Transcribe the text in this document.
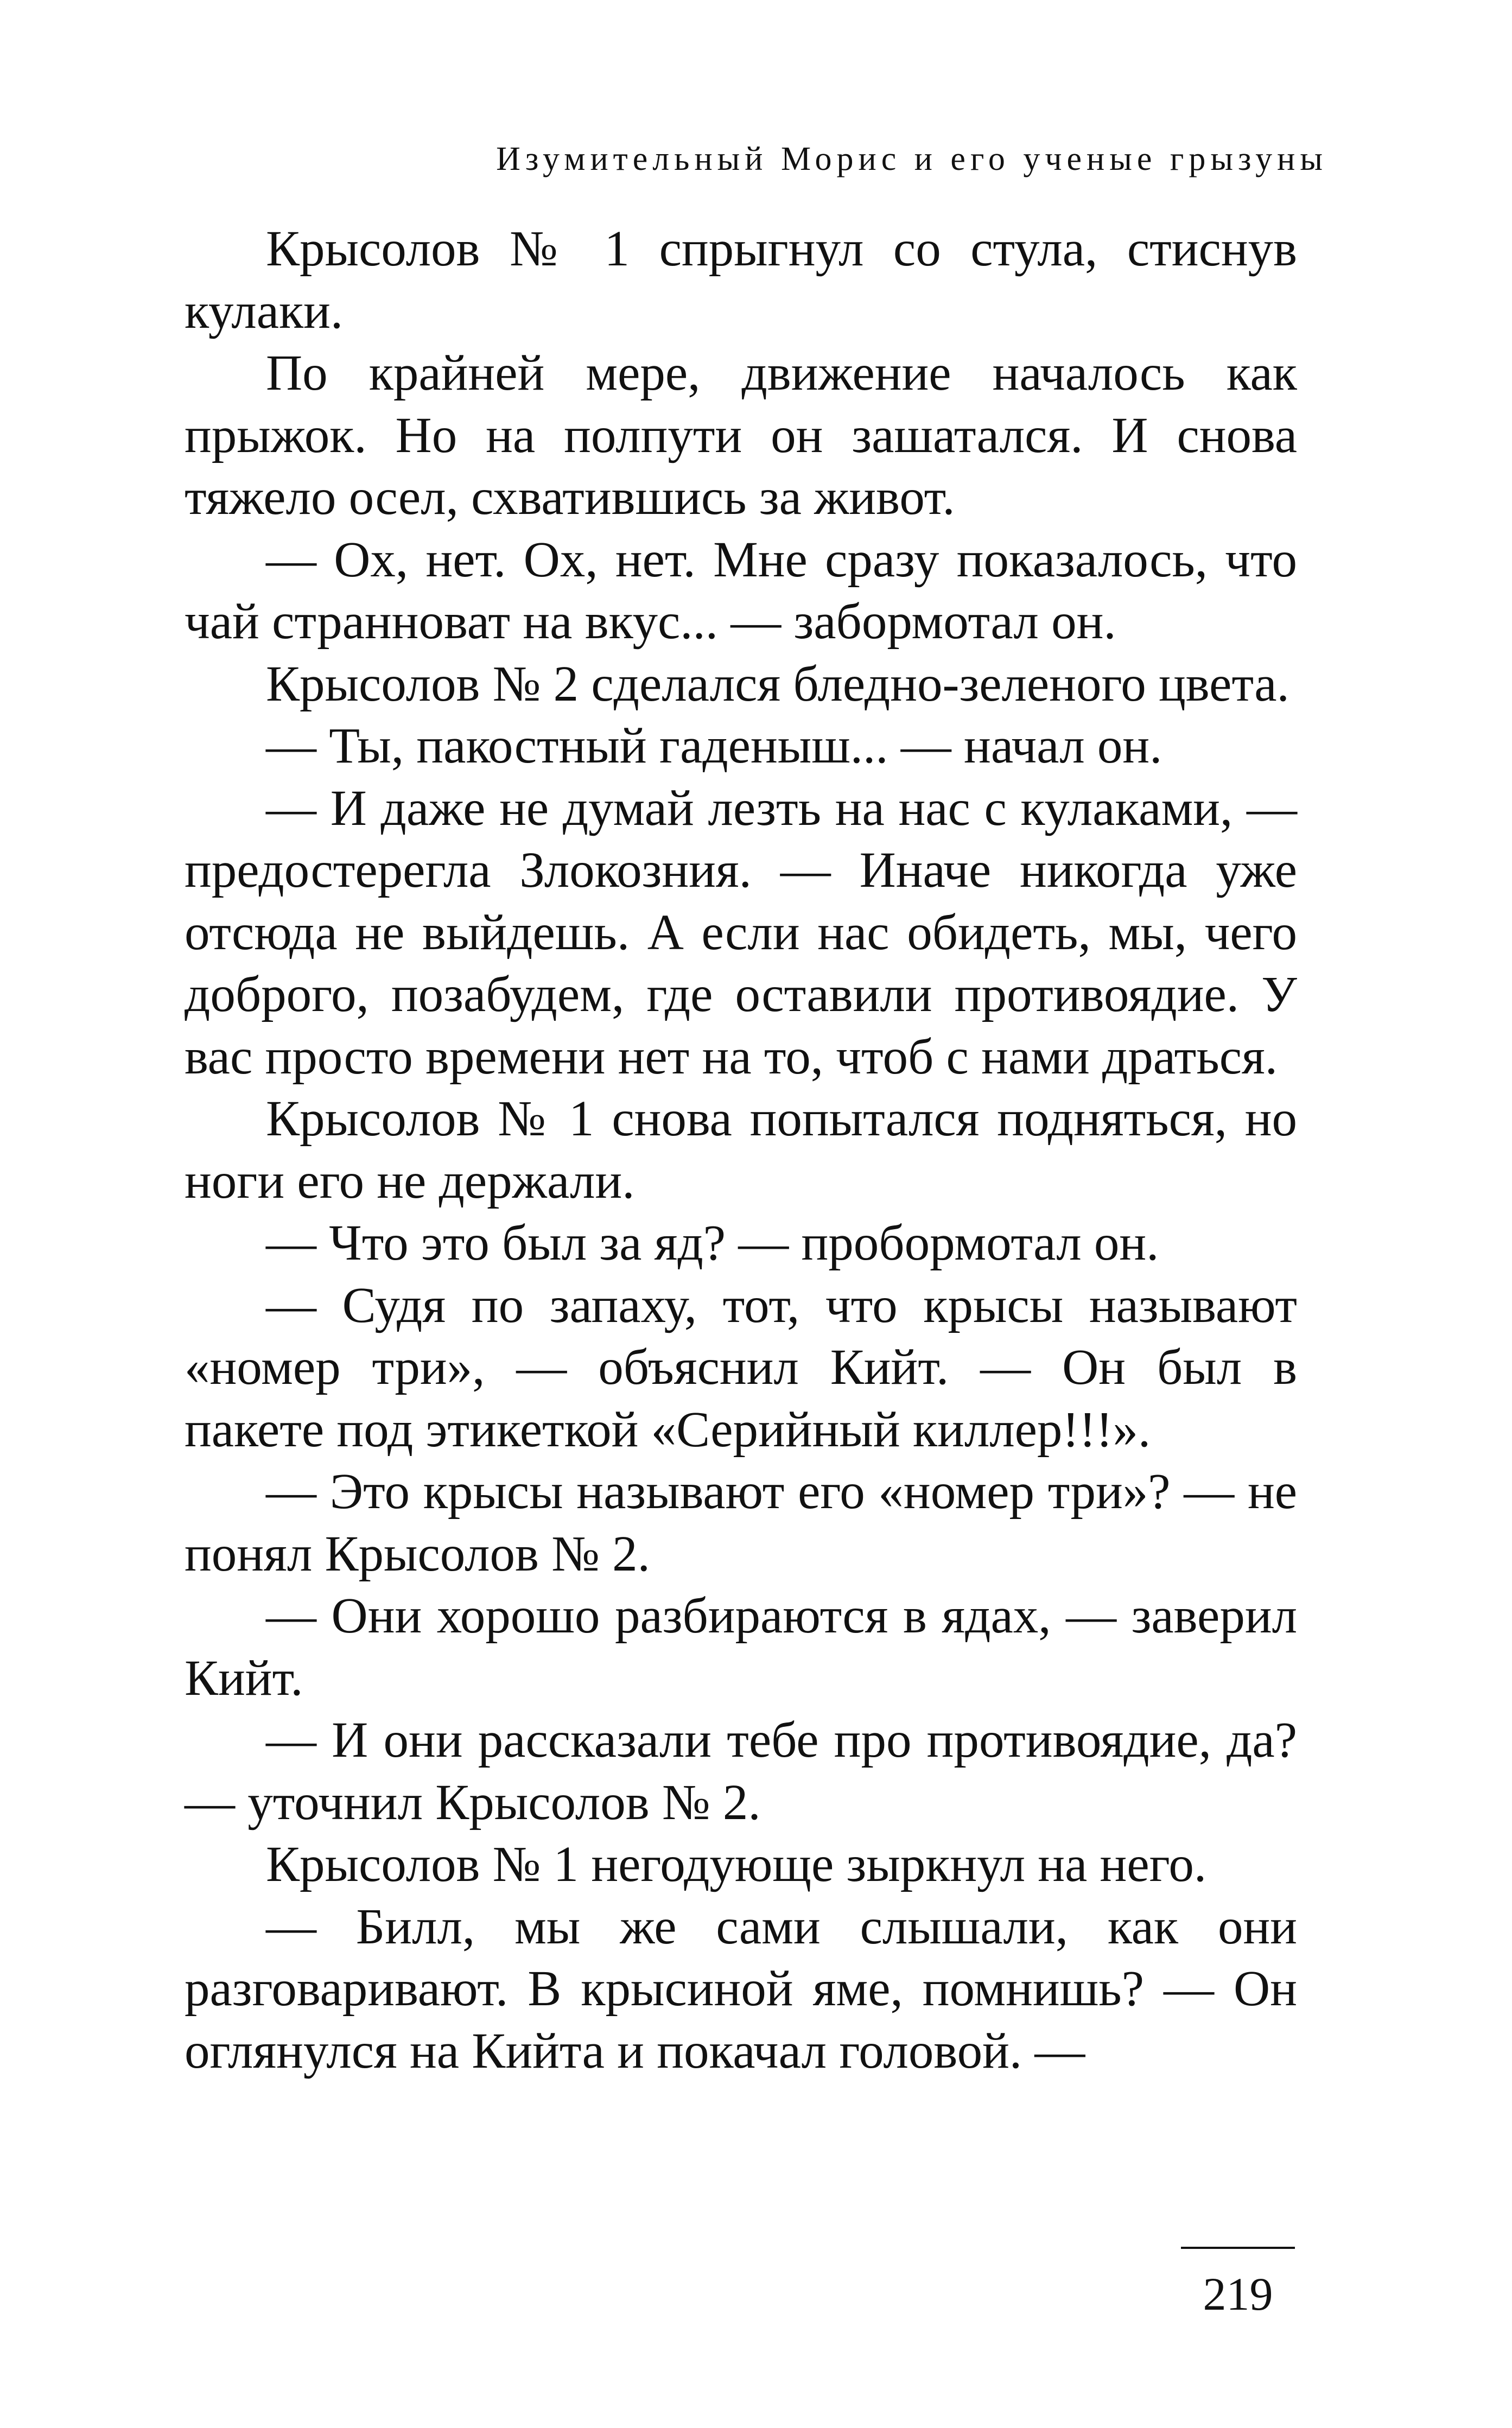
Изумительный Морис и его ученые грызуны

Крысолов № 1 спрыгнул со стула, стиснув кулаки.

По крайней мере, движение началось как прыжок. Но на полпути он зашатался. И снова тяжело осел, схватившись за живот.

— Ох, нет. Ох, нет. Мне сразу показалось, что чай странноват на вкус... — забормотал он.

Крысолов № 2 сделался бледно-зеленого цвета.

— Ты, пакостный гаденыш... — начал он.

— И даже не думай лезть на нас с кулаками, — предостерегла Злокозния. — Иначе никогда уже отсюда не выйдешь. А если нас обидеть, мы, чего доброго, позабудем, где оставили противоядие. У вас просто времени нет на то, чтоб с нами драться.

Крысолов № 1 снова попытался подняться, но ноги его не держали.

— Что это был за яд? — пробормотал он.

— Судя по запаху, тот, что крысы называют «номер три», — объяснил Кийт. — Он был в пакете под этикеткой «Серийный киллер!!!».

— Это крысы называют его «номер три»? — не понял Крысолов № 2.

— Они хорошо разбираются в ядах, — заверил Кийт.

— И они рассказали тебе про противоядие, да? — уточнил Крысолов № 2.

Крысолов № 1 негодующе зыркнул на него.

— Билл, мы же сами слышали, как они разговаривают. В крысиной яме, помнишь? — Он оглянулся на Кийта и покачал головой. —

219
